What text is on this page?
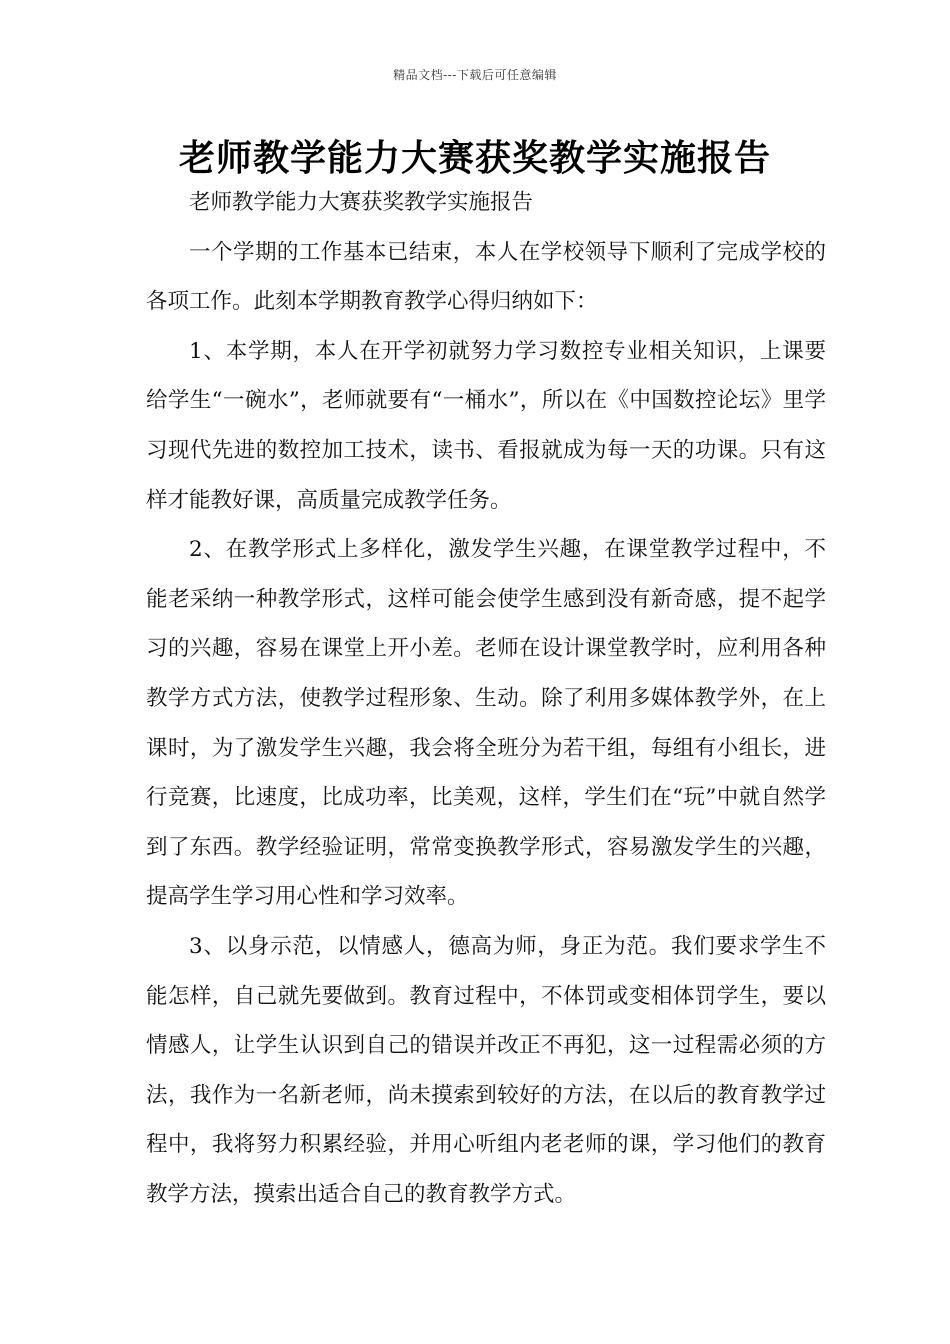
精品文档---下载后可任意编辑
老师教学能力大赛获奖教学实施报告

老师教学能力大赛获奖教学实施报告

一个学期的工作基本已结束，本人在学校领导下顺利了完成学校的各项工作。此刻本学期教育教学心得归纳如下：

1、本学期，本人在开学初就努力学习数控专业相关知识，上课要给学生“一碗水”，老师就要有“一桶水”，所以在《中国数控论坛》里学习现代先进的数控加工技术，读书、看报就成为每一天的功课。只有这样才能教好课，高质量完成教学任务。

2、在教学形式上多样化，激发学生兴趣，在课堂教学过程中，不能老采纳一种教学形式，这样可能会使学生感到没有新奇感，提不起学习的兴趣，容易在课堂上开小差。老师在设计课堂教学时，应利用各种教学方式方法，使教学过程形象、生动。除了利用多媒体教学外，在上课时，为了激发学生兴趣，我会将全班分为若干组，每组有小组长，进行竞赛，比速度，比成功率，比美观，这样，学生们在“玩”中就自然学到了东西。教学经验证明，常常变换教学形式，容易激发学生的兴趣，提高学生学习用心性和学习效率。

3、以身示范，以情感人，德高为师，身正为范。我们要求学生不能怎样，自己就先要做到。教育过程中，不体罚或变相体罚学生，要以情感人，让学生认识到自己的错误并改正不再犯，这一过程需必须的方法，我作为一名新老师，尚未摸索到较好的方法，在以后的教育教学过程中，我将努力积累经验，并用心听组内老老师的课，学习他们的教育教学方法，摸索出适合自己的教育教学方式。
